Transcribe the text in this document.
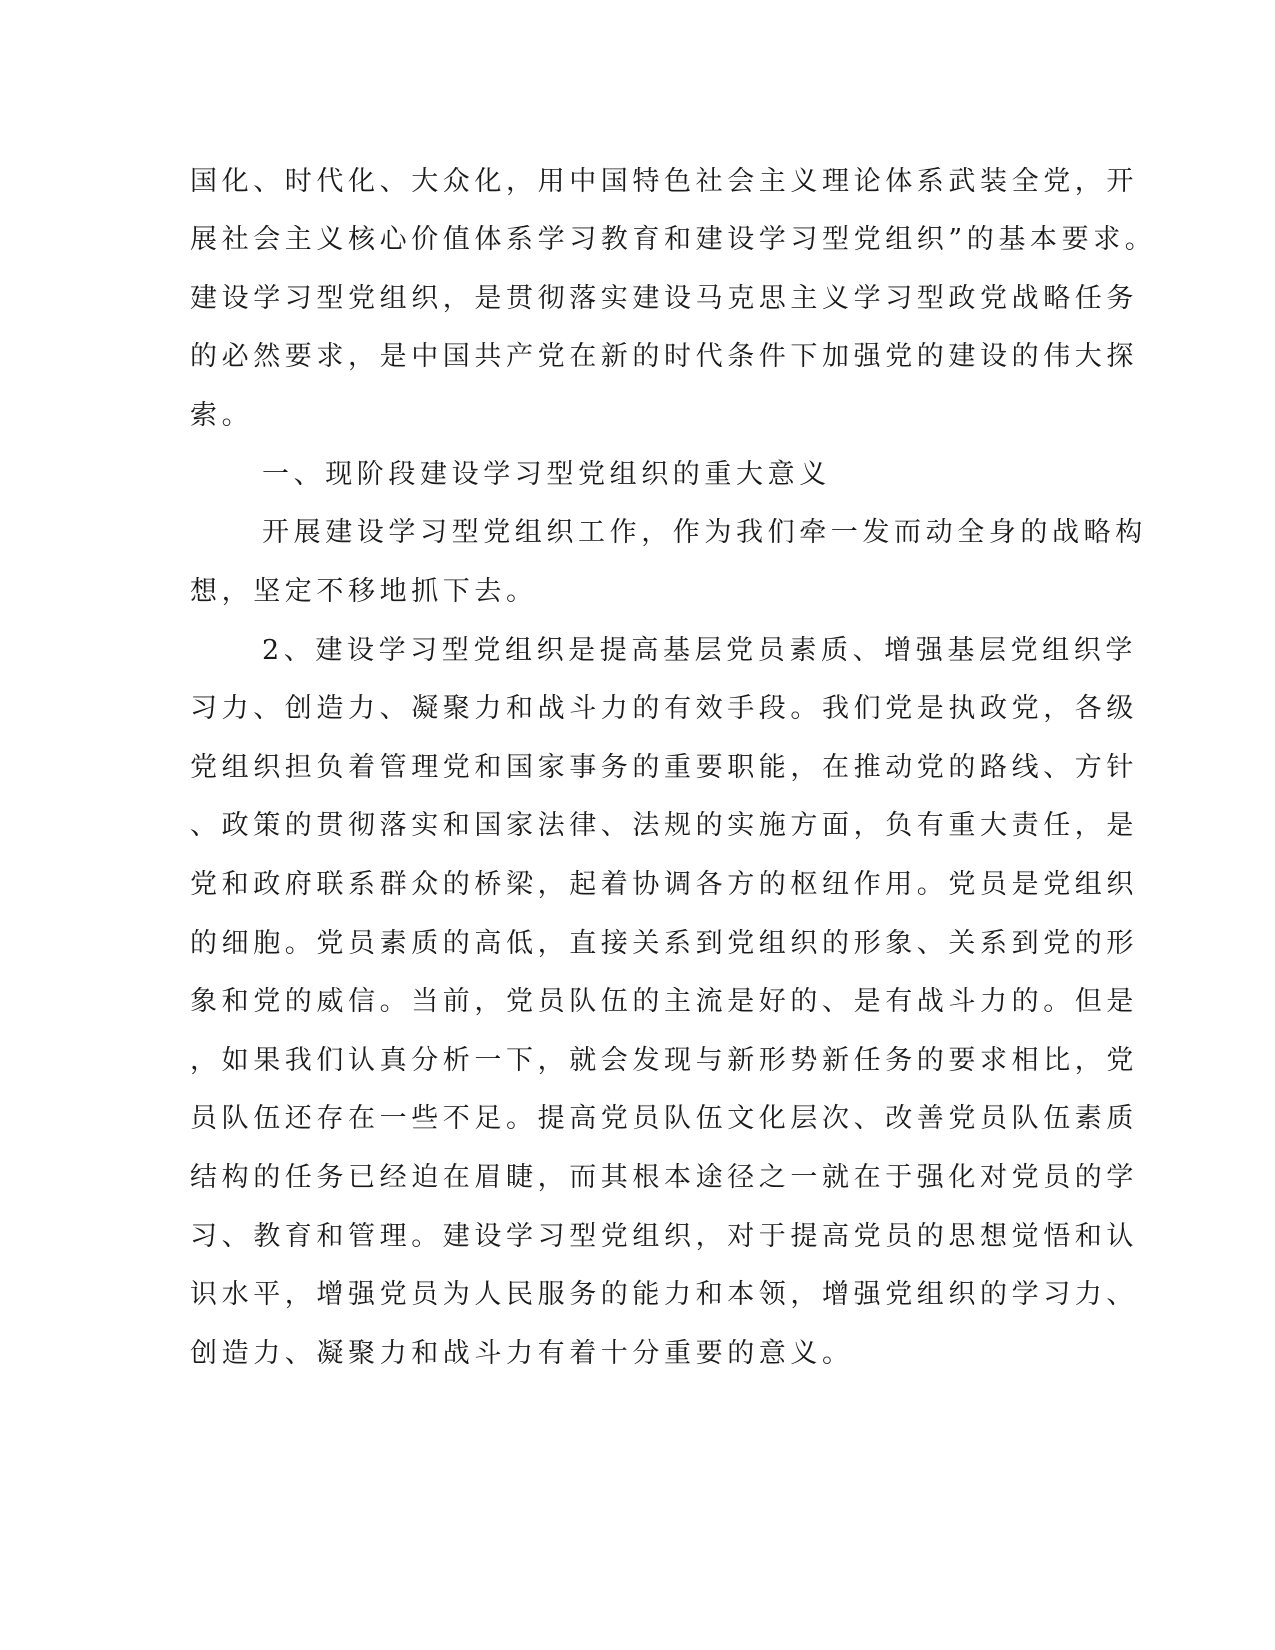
国化、时代化、大众化，用中国特色社会主义理论体系武装全党，开
展社会主义核心价值体系学习教育和建设学习型党组织”的基本要求。
建设学习型党组织，是贯彻落实建设马克思主义学习型政党战略任务
的必然要求，是中国共产党在新的时代条件下加强党的建设的伟大探
索。
一、现阶段建设学习型党组织的重大意义
开展建设学习型党组织工作，作为我们牵一发而动全身的战略构
想，坚定不移地抓下去。
2、建设学习型党组织是提高基层党员素质、增强基层党组织学
习力、创造力、凝聚力和战斗力的有效手段。我们党是执政党，各级
党组织担负着管理党和国家事务的重要职能，在推动党的路线、方针
、政策的贯彻落实和国家法律、法规的实施方面，负有重大责任，是
党和政府联系群众的桥梁，起着协调各方的枢纽作用。党员是党组织
的细胞。党员素质的高低，直接关系到党组织的形象、关系到党的形
象和党的威信。当前，党员队伍的主流是好的、是有战斗力的。但是
，如果我们认真分析一下，就会发现与新形势新任务的要求相比，党
员队伍还存在一些不足。提高党员队伍文化层次、改善党员队伍素质
结构的任务已经迫在眉睫，而其根本途径之一就在于强化对党员的学
习、教育和管理。建设学习型党组织，对于提高党员的思想觉悟和认
识水平，增强党员为人民服务的能力和本领，增强党组织的学习力、
创造力、凝聚力和战斗力有着十分重要的意义。
